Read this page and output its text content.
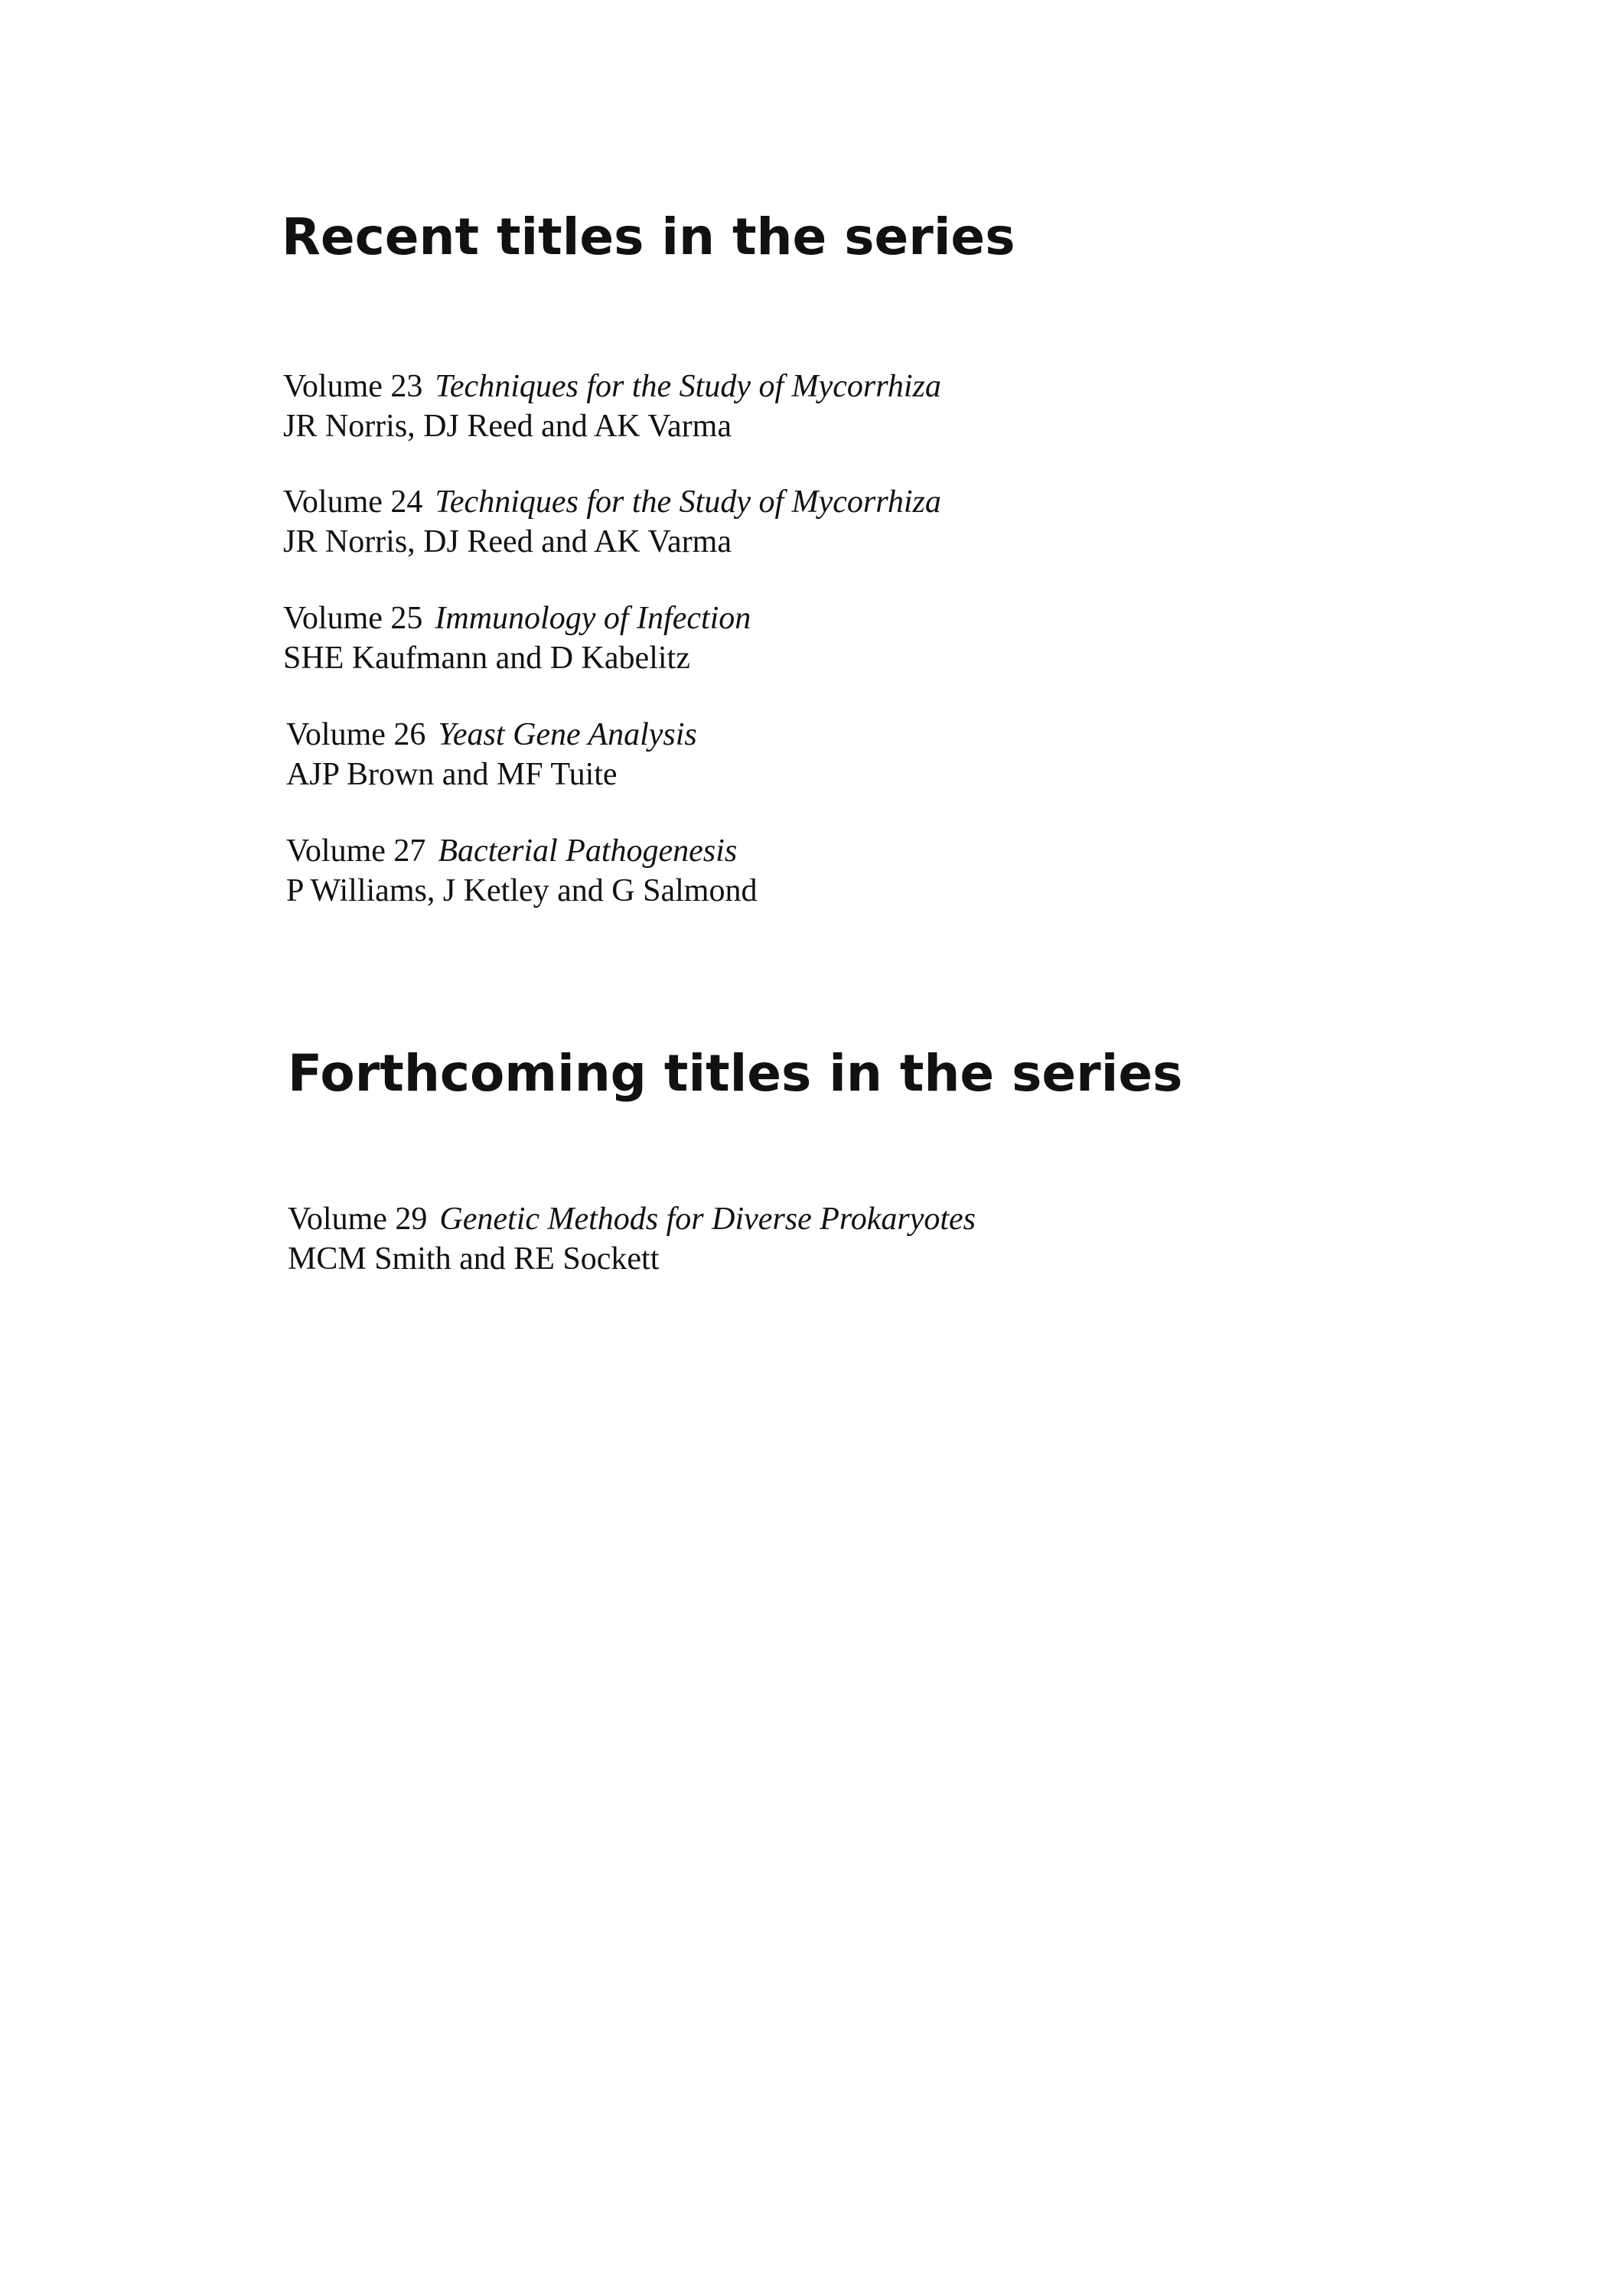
Recent titles in the series
Volume 23 Techniques for the Study of Mycorrhiza
JR Norris, DJ Reed and AK Varma
Volume 24 Techniques for the Study of Mycorrhiza
JR Norris, DJ Reed and AK Varma
Volume 25 Immunology of Infection
SHE Kaufmann and D Kabelitz
Volume 26 Yeast Gene Analysis
AJP Brown and MF Tuite
Volume 27 Bacterial Pathogenesis
P Williams, J Ketley and G Salmond
Forthcoming titles in the series
Volume 29 Genetic Methods for Diverse Prokaryotes
MCM Smith and RE Sockett
